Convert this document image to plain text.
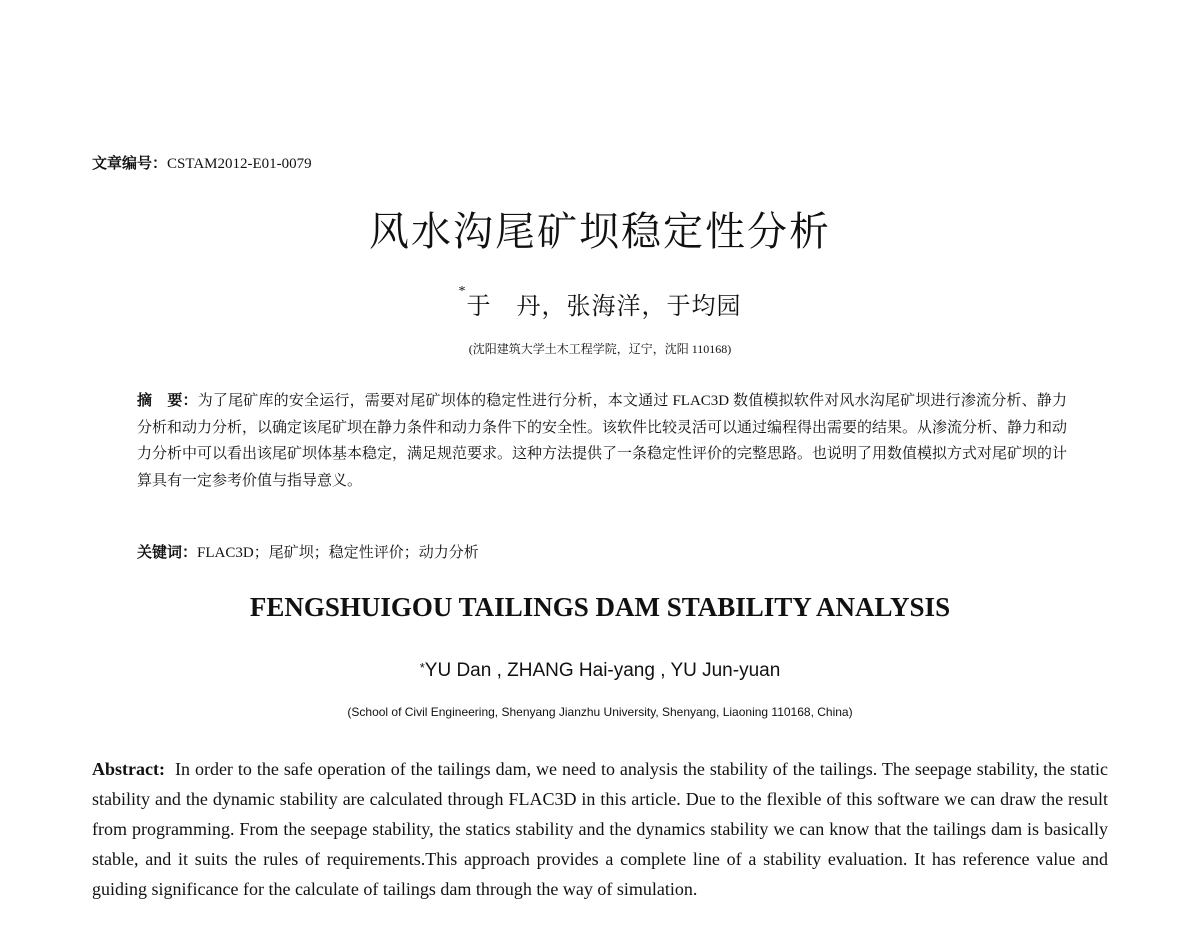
文章编号：CSTAM2012-E01-0079
风水沟尾矿坝稳定性分析
*于　丹，张海洋，于均园
(沈阳建筑大学土木工程学院，辽宁，沈阳 110168)
摘　要：为了尾矿库的安全运行，需要对尾矿坝体的稳定性进行分析，本文通过 FLAC3D 数值模拟软件对风水沟尾矿坝进行渗流分析、静力分析和动力分析，以确定该尾矿坝在静力条件和动力条件下的安全性。该软件比较灵活可以通过编程得出需要的结果。从渗流分析、静力和动力分析中可以看出该尾矿坝体基本稳定，满足规范要求。这种方法提供了一条稳定性评价的完整思路。也说明了用数值模拟方式对尾矿坝的计算具有一定参考价值与指导意义。
关键词：FLAC3D；尾矿坝；稳定性评价；动力分析
FENGSHUIGOU TAILINGS DAM STABILITY ANALYSIS
*YU Dan , ZHANG Hai-yang , YU Jun-yuan
(School of Civil Engineering, Shenyang Jianzhu University, Shenyang, Liaoning 110168, China)
Abstract: In order to the safe operation of the tailings dam, we need to analysis the stability of the tailings. The seepage stability, the static stability and the dynamic stability are calculated through FLAC3D in this article. Due to the flexible of this software we can draw the result from programming. From the seepage stability, the statics stability and the dynamics stability we can know that the tailings dam is basically stable, and it suits the rules of requirements.This approach provides a complete line of a stability evaluation. It has reference value and guiding significance for the calculate of tailings dam through the way of simulation.
